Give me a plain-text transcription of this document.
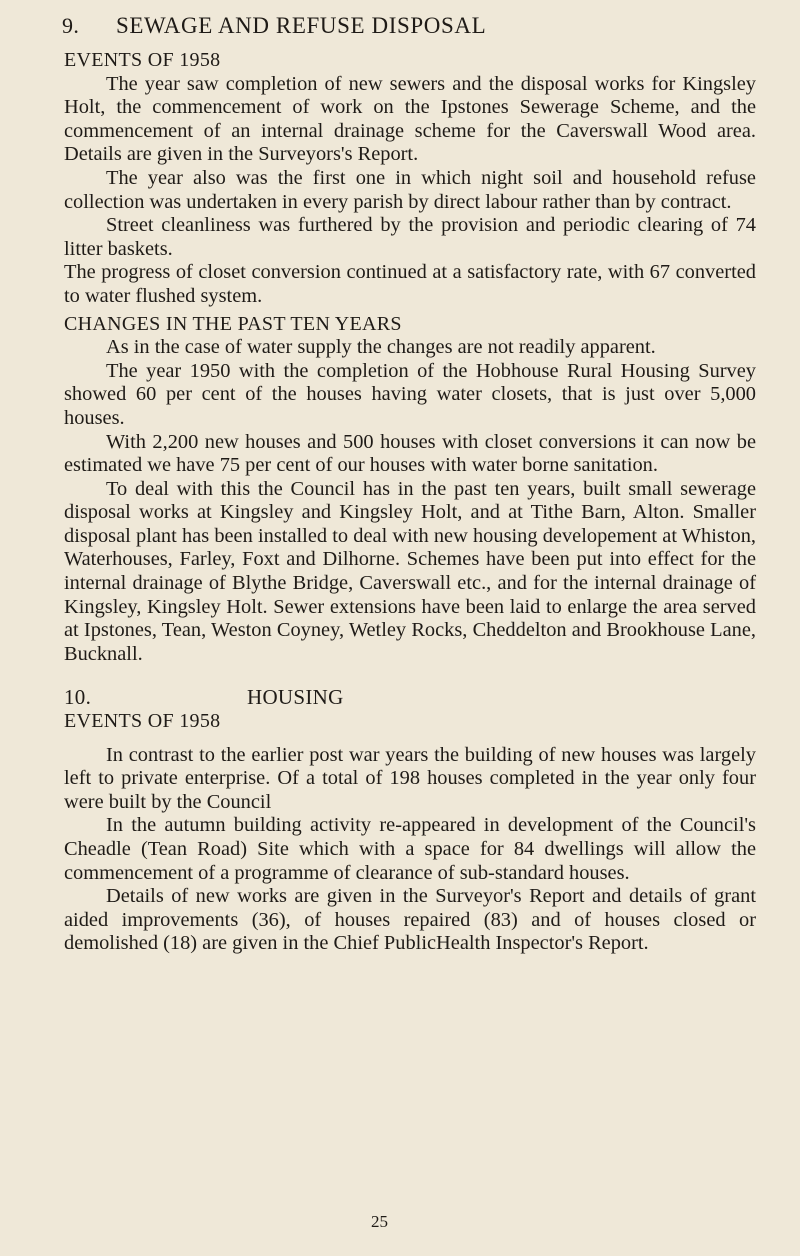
9.	SEWAGE AND REFUSE DISPOSAL

EVENTS OF 1958

The year saw completion of new sewers and the disposal works for Kingsley Holt, the commencement of work on the Ipstones Sewerage Scheme, and the commencement of an internal drainage scheme for the Caverswall Wood area. Details are given in the Surveyors's Report.

The year also was the first one in which night soil and household refuse collection was undertaken in every parish by direct labour rather than by contract.

Street cleanliness was furthered by the provision and periodic clearing of 74 litter baskets.

The progress of closet conversion continued at a satisfactory rate, with 67 converted to water flushed system.

CHANGES IN THE PAST TEN YEARS

As in the case of water supply the changes are not readily apparent.

The year 1950 with the completion of the Hobhouse Rural Housing Survey showed 60 per cent of the houses having water closets, that is just over 5,000 houses.

With 2,200 new houses and 500 houses with closet conversions it can now be estimated we have 75 per cent of our houses with water borne sanitation.

To deal with this the Council has in the past ten years, built small sewerage disposal works at Kingsley and Kingsley Holt, and at Tithe Barn, Alton. Smaller disposal plant has been installed to deal with new housing developement at Whiston, Waterhouses, Farley, Foxt and Dilhorne. Schemes have been put into effect for the internal drainage of Blythe Bridge, Caverswall etc., and for the internal drainage of Kingsley, Kingsley Holt. Sewer extensions have been laid to enlarge the area served at Ipstones, Tean, Weston Coyney, Wetley Rocks, Cheddelton and Brookhouse Lane, Bucknall.

10.	HOUSING

EVENTS OF 1958

In contrast to the earlier post war years the building of new houses was largely left to private enterprise. Of a total of 198 houses completed in the year only four were built by the Council

In the autumn building activity re-appeared in development of the Council's Cheadle (Tean Road) Site which with a space for 84 dwellings will allow the commencement of a programme of clearance of sub-standard houses.

Details of new works are given in the Surveyor's Report and details of grant aided improvements (36), of houses repaired (83) and of houses closed or demolished (18) are given in the Chief PublicHealth Inspector's Report.

25
